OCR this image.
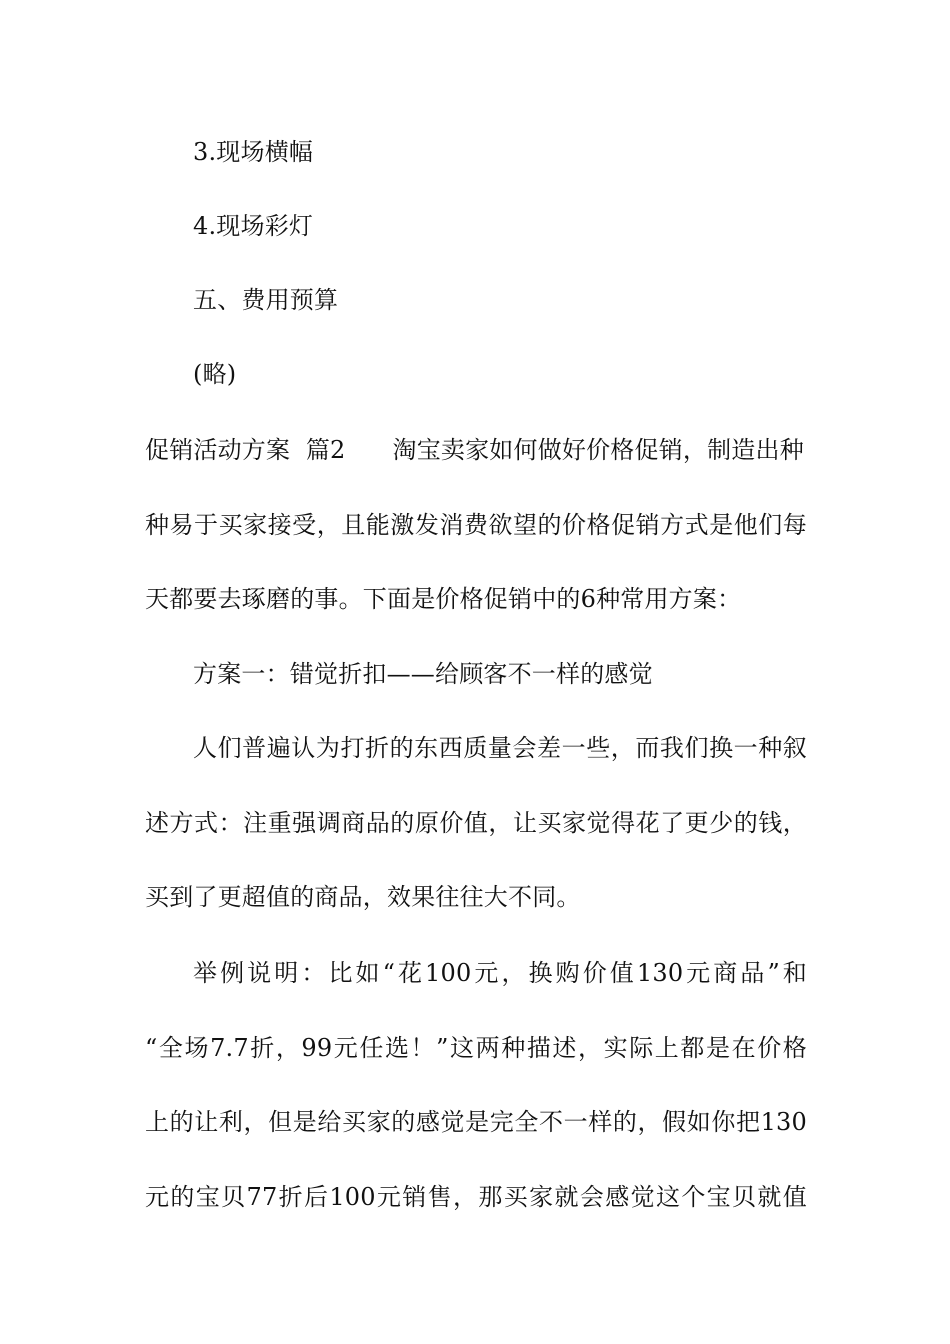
3.现场横幅
4.现场彩灯
五、费用预算
(略)
促销活动方案  篇2      淘宝卖家如何做好价格促销，制造出种
种易于买家接受，且能激发消费欲望的价格促销方式是他们每
天都要去琢磨的事。下面是价格促销中的6种常用方案：
方案一：错觉折扣——给顾客不一样的感觉
人们普遍认为打折的东西质量会差一些，而我们换一种叙
述方式：注重强调商品的原价值，让买家觉得花了更少的钱，
买到了更超值的商品，效果往往大不同。
举例说明：比如“花100元，换购价值130元商品”和
“全场7.7折，99元任选！”这两种描述，实际上都是在价格
上的让利，但是给买家的感觉是完全不一样的，假如你把130
元的宝贝77折后100元销售，那买家就会感觉这个宝贝就值
